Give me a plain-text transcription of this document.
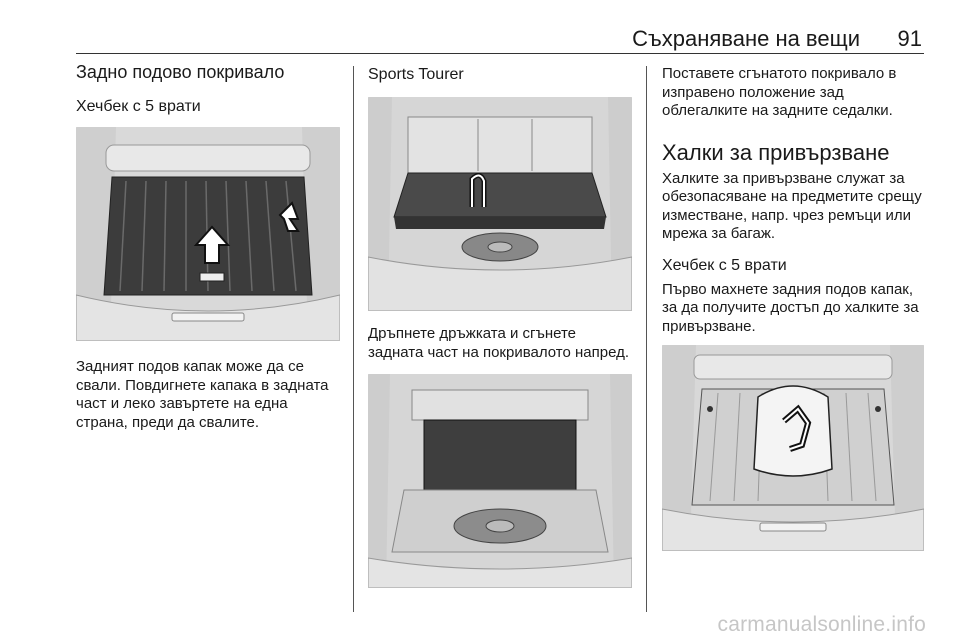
Съхраняване на вещи	91
Задно подово покривало
Хечбек с 5 врати

Задният подов капак може да се свали. Повдигнете капака в задната част и леко завъртете на една страна, преди да свалите.

Sports Tourer

Дръпнете дръжката и сгънете задната част на покривалото напред.

Поставете сгънатото покривало в изправено положение зад облегалките на задните седалки.

Халки за привързване

Халките за привързване служат за обезопасяване на предметите срещу изместване, напр. чрез ремъци или мрежа за багаж.

Хечбек с 5 врати

Първо махнете задния подов капак, за да получите достъп до халките за привързване.

carmanualsonline.info
